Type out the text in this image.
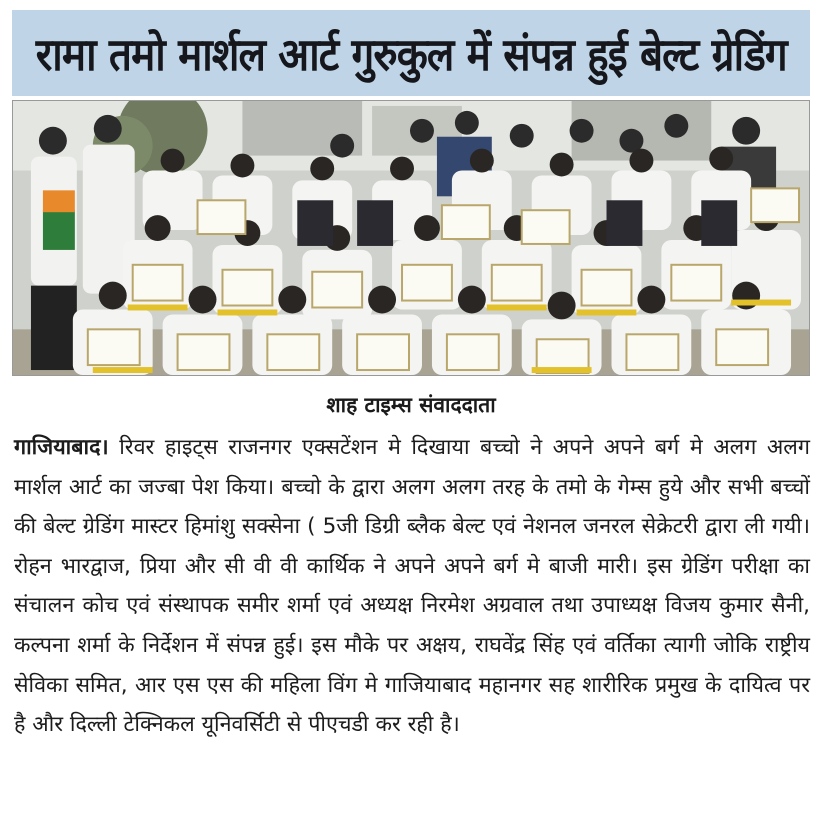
रामा तमो मार्शल आर्ट गुरुकुल में संपन्न हुई बेल्ट ग्रेडिंग
शाह टाइम्स संवाददाता
गाजियाबाद। रिवर हाइट्स राजनगर एक्सटेंशन मे दिखाया बच्चो ने अपने अपने बर्ग मे अलग अलग मार्शल आर्ट का जज्बा पेश किया। बच्चो के द्वारा अलग अलग तरह के तमो के गेम्स हुये और सभी बच्चों की बेल्ट ग्रेडिंग मास्टर हिमांशु सक्सेना ( 5जी डिग्री ब्लैक बेल्ट एवं नेशनल जनरल सेक्रेटरी द्वारा ली गयी। रोहन भारद्वाज, प्रिया और सी वी वी कार्थिक ने अपने अपने बर्ग मे बाजी मारी। इस ग्रेडिंग परीक्षा का संचालन कोच एवं संस्थापक समीर शर्मा एवं अध्यक्ष निरमेश अग्रवाल तथा उपाध्यक्ष विजय कुमार सैनी, कल्पना शर्मा के निर्देशन में संपन्न हुई। इस मौके पर अक्षय, राघवेंद्र सिंह एवं वर्तिका त्यागी जोकि राष्ट्रीय सेविका समित, आर एस एस की महिला विंग मे गाजियाबाद महानगर सह शारीरिक प्रमुख के दायित्व पर है और दिल्ली टेक्निकल यूनिवर्सिटी से पीएचडी कर रही है।
